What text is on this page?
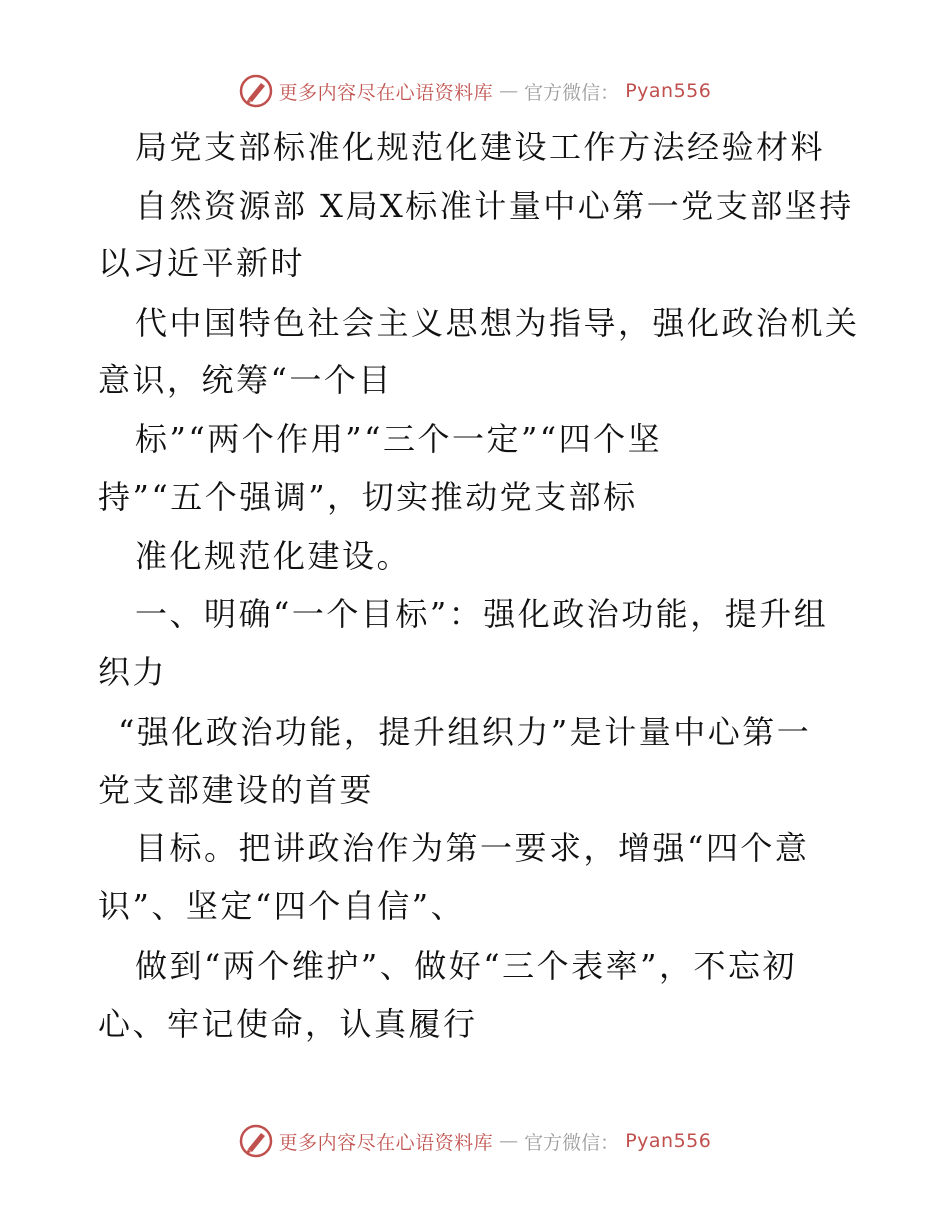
更多内容尽在心语资料库 — 官方微信： Pyan556
局党支部标准化规范化建设工作方法经验材料
自然资源部 X局X标准计量中心第一党支部坚持
以习近平新时
代中国特色社会主义思想为指导，强化政治机关
意识，统筹“一个目
标”“两个作用”“三个一定”“四个坚
持”“五个强调”，切实推动党支部标
准化规范化建设。
一、明确“一个目标”：强化政治功能，提升组
织力
“强化政治功能，提升组织力”是计量中心第一
党支部建设的首要
目标。把讲政治作为第一要求，增强“四个意
识”、坚定“四个自信”、
做到“两个维护”、做好“三个表率”，不忘初
心、牢记使命，认真履行
更多内容尽在心语资料库 — 官方微信： Pyan556
